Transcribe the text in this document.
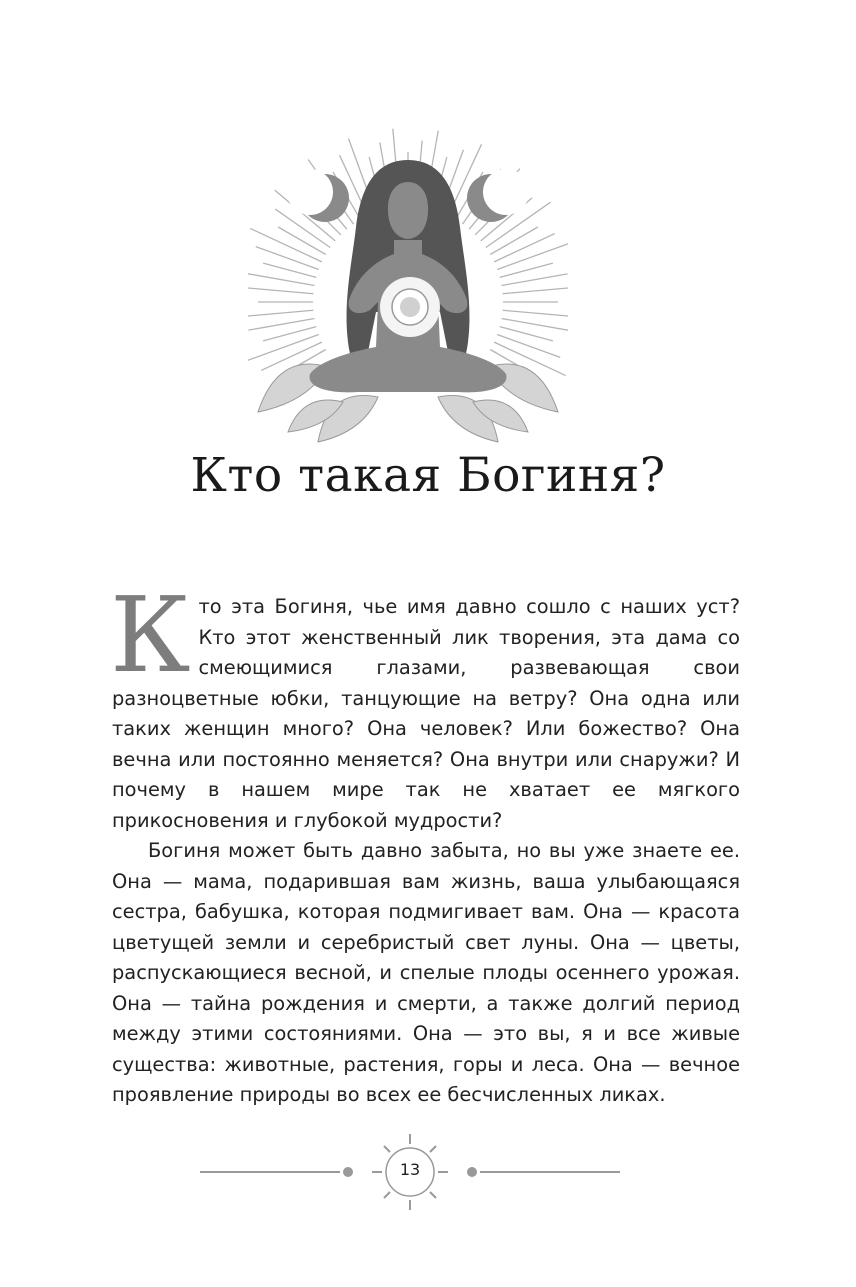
Кто такая Богиня?

Кто эта Богиня, чье имя давно сошло с наших уст? Кто этот женственный лик творения, эта дама со смеющимися глазами, развевающая свои разноцветные юбки, танцующие на ветру? Она одна или таких женщин много? Она человек? Или божество? Она вечна или постоянно меняется? Она внутри или снаружи? И почему в нашем мире так не хватает ее мягкого прикосновения и глубокой мудрости?

Богиня может быть давно забыта, но вы уже знаете ее. Она — мама, подарившая вам жизнь, ваша улыбающаяся сестра, бабушка, которая подмигивает вам. Она — красота цветущей земли и серебристый свет луны. Она — цветы, распускающиеся весной, и спелые плоды осеннего урожая. Она — тайна рождения и смерти, а также долгий период между этими состояниями. Она — это вы, я и все живые существа: животные, растения, горы и леса. Она — вечное проявление природы во всех ее бесчисленных ликах.

13
